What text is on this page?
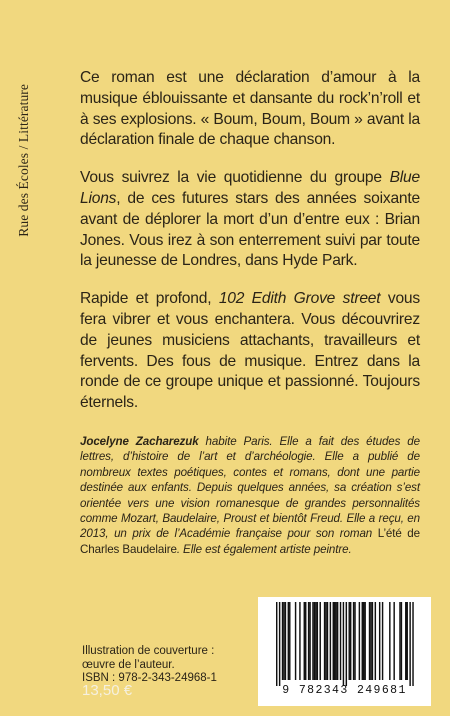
Rue des Écoles / Littérature

Ce roman est une déclaration d’amour à la musique éblouissante et dansante du rock’n’roll et à ses explosions. « Boum, Boum, Boum » avant la déclaration finale de chaque chanson.

Vous suivrez la vie quotidienne du groupe Blue Lions, de ces futures stars des années soixante avant de déplorer la mort d’un d’entre eux : Brian Jones. Vous irez à son enterrement suivi par toute la jeunesse de Londres, dans Hyde Park.

Rapide et profond, 102 Edith Grove street vous fera vibrer et vous enchantera. Vous découvrirez de jeunes musiciens attachants, travailleurs et fervents. Des fous de musique. Entrez dans la ronde de ce groupe unique et passionné. Toujours éternels.

Jocelyne Zacharezuk habite Paris. Elle a fait des études de lettres, d’histoire de l’art et d’archéologie. Elle a publié de nombreux textes poétiques, contes et romans, dont une partie destinée aux enfants. Depuis quelques années, sa création s’est orientée vers une vision romanesque de grandes personnalités comme Mozart, Baudelaire, Proust et bientôt Freud. Elle a reçu, en 2013, un prix de l’Académie française pour son roman L’été de Charles Baudelaire. Elle est également artiste peintre.
Illustration de couverture :
œuvre de l’auteur.
ISBN : 978-2-343-24968-1
13,50 €	9 782343 249681
